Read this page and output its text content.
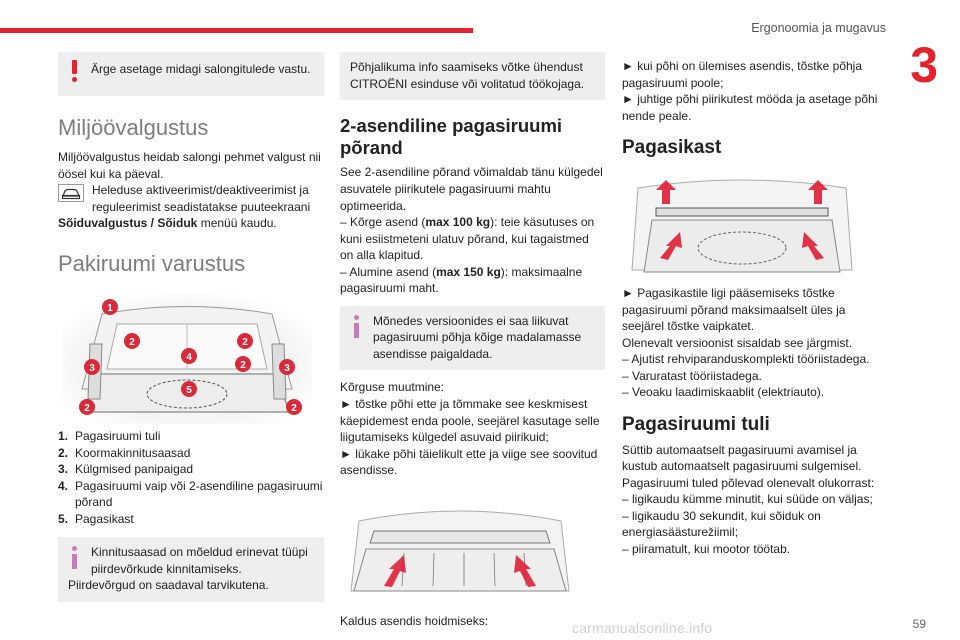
Ergonoomia ja mugavus
3
Ärge asetage midagi salongitulede vastu.
Miljöövalgustus

Miljöövalgustus heidab salongi pehmet valgust nii öösel kui ka päeval.

Heleduse aktiveerimist/deaktiveerimist ja reguleerimist seadistatakse puuteekraani

Sõiduvalgustus / Sõiduk menüü kaudu.

Pakiruumi varustus
1
2	2
3
4
2	3
2
5
2
1. Pagasiruumi tuli
2. Koormakinnitusaasad
3. Külgmised panipaigad
4. Pagasiruumi vaip või 2-asendiline pagasiruumi põrand
5. Pagasikast
Kinnitusaasad on mõeldud erinevat tüüpi piirdevõrkude kinnitamiseks.
Piirdevõrgud on saadaval tarvikutena.
Põhjalikuma info saamiseks võtke ühendust CITROËNI esinduse või volitatud töökojaga.
2-asendiline pagasiruumi põrand

See 2-asendiline põrand võimaldab tänu külgedel asuvatele piirikutele pagasiruumi mahtu optimeerida.

– Kõrge asend (max 100 kg): teie käsutuses on kuni esiistmeteni ulatuv põrand, kui tagaistmed on alla klapitud.

– Alumine asend (max 150 kg): maksimaalne pagasiruumi maht.

Mõnedes versioonides ei saa liikuvat pagasiruumi põhja kõige madalamasse asendisse paigaldada.

Kõrguse muutmine:

► tõstke põhi ette ja tõmmake see keskmisest käepidemest enda poole, seejärel kasutage selle liigutamiseks külgedel asuvaid piirikuid;

► lükake põhi täielikult ette ja viige see soovitud asendisse.

Kaldus asendis hoidmiseks:

► kui põhi on ülemises asendis, tõstke põhja pagasiruumi poole;

► juhtige põhi piirikutest mööda ja asetage põhi nende peale.

Pagasikast

► Pagasikastile ligi pääsemiseks tõstke pagasiruumi põrand maksimaalselt üles ja seejärel tõstke vaipkatet.

Olenevalt versioonist sisaldab see järgmist.

– Ajutist rehviparanduskomplekti tööriistadega.

– Varuratast tööriistadega.

– Veoaku laadimiskaablit (elektriauto).

Pagasiruumi tuli

Süttib automaatselt pagasiruumi avamisel ja kustub automaatselt pagasiruumi sulgemisel.

Pagasiruumi tuled põlevad olenevalt olukorrast:

– ligikaudu kümme minutit, kui süüde on väljas;

– ligikaudu 30 sekundit, kui sõiduk on energiasäästurežiimil;

– piiramatult, kui mootor töötab.

carmanualsonline.info	59
